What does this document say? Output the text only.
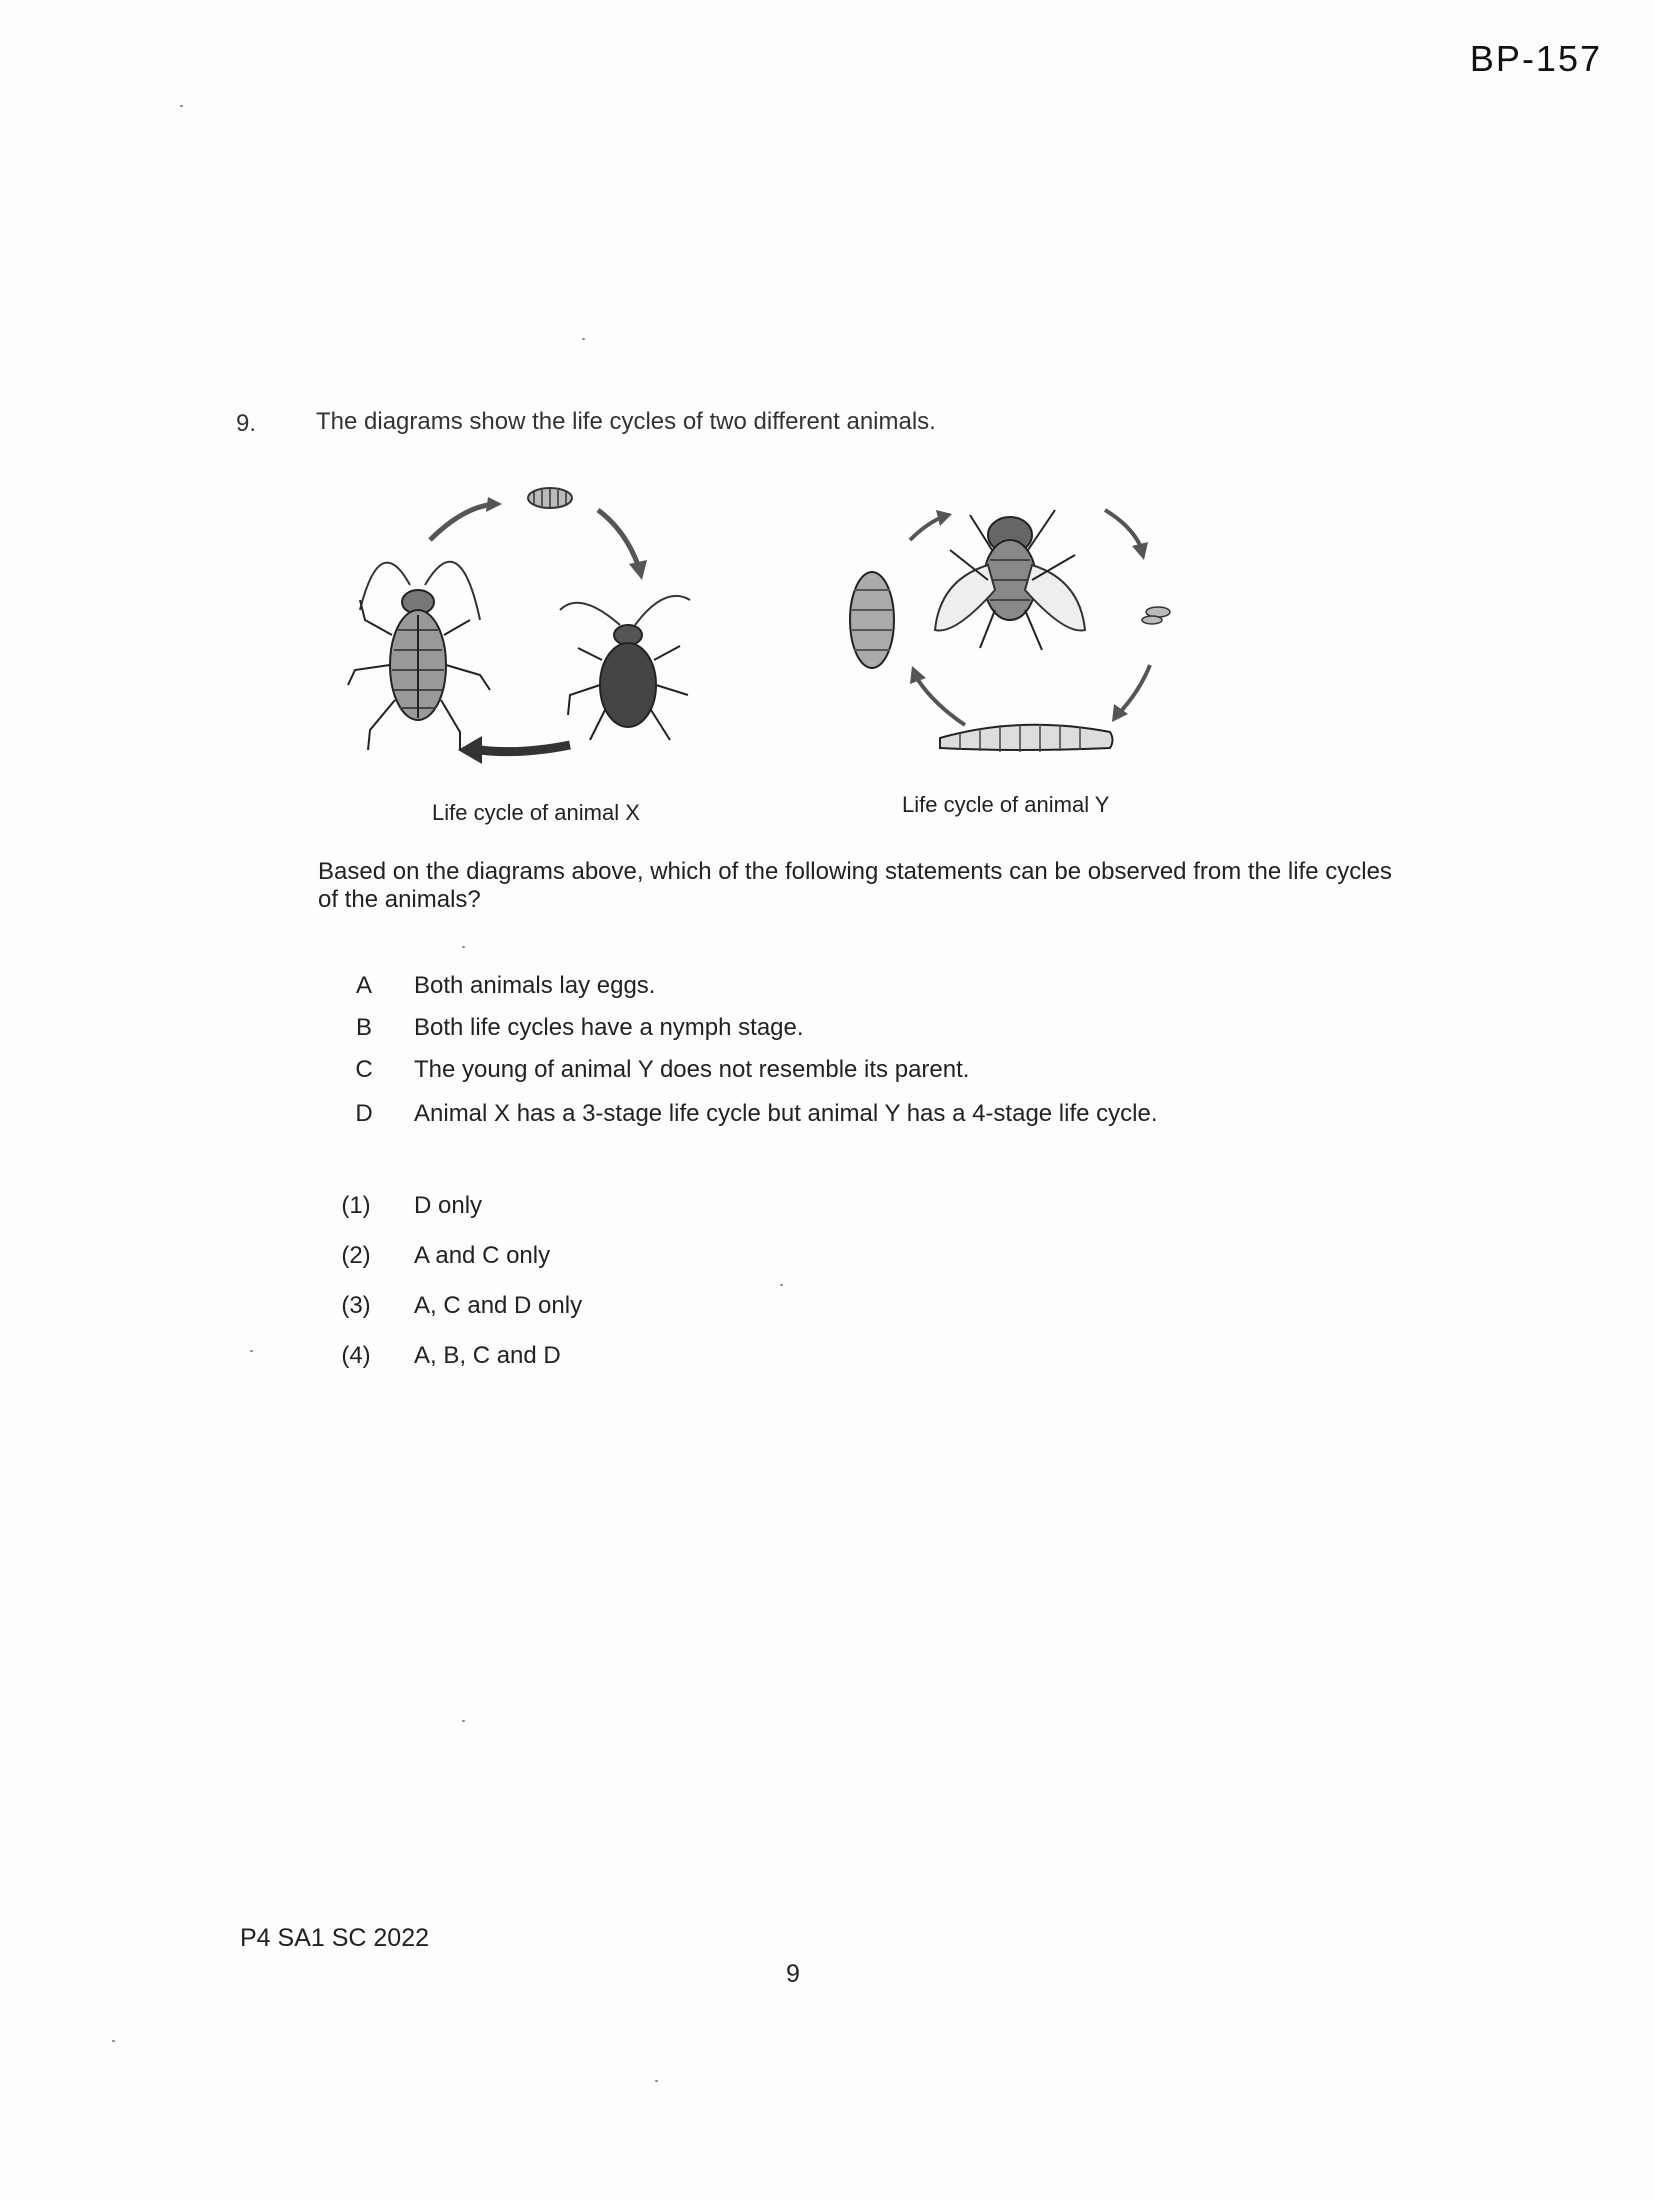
BP-157
9. The diagrams show the life cycles of two different animals.
Life cycle of animal X	Life cycle of animal Y
Based on the diagrams above, which of the following statements can be observed from the life cycles of the animals?
A	Both animals lay eggs.
B	Both life cycles have a nymph stage.
C	The young of animal Y does not resemble its parent.
D	Animal X has a 3-stage life cycle but animal Y has a 4-stage life cycle.
(1)	D only
(2)	A and C only
(3)	A, C and D only
(4)	A, B, C and D
P4 SA1 SC 2022
9
